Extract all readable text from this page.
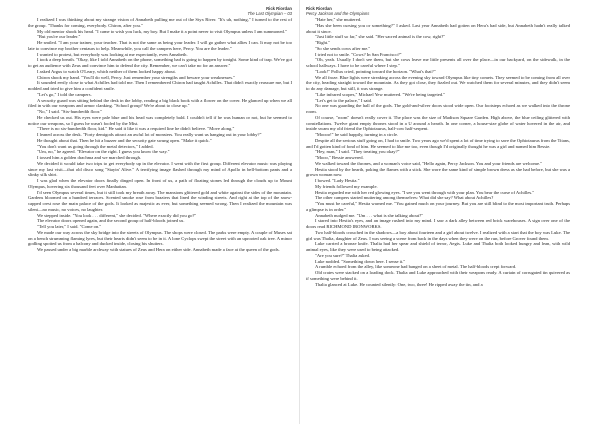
Rick Riordan
The Last Olympian – 03

I realized I was thinking about my strange vision of Annabeth pulling me out of the Styx River. "It's uh, nothing," I turned to the rest of the group. "Thanks for coming, everybody. Chiron, after you."

My old mentor shook his head. "I came to wish you luck, my boy. But I make it a point never to visit Olympus unless I am summoned."

"But you're our leader."

He smiled. "I am your trainer, your teacher. That is not the same as being your leader. I will go gather what allies I can. It may not be too late to convince my brother centaurs to help. Meanwhile, you call the campers here, Percy. You are the leader."

I wanted to protest, but everybody was looking at me expectantly, even Annabeth.

I took a deep breath. "Okay, like I told Annabeth on the phone, something bad is going to happen by tonight. Some kind of trap. We've got to get an audience with Zeus and convince him to defend the city. Remember, we can't take no for an answer."

I asked Argus to watch O'Leary, which neither of them looked happy about.

Chiron shook my hand. "You'll do well, Percy. Just remember your strengths and beware your weaknesses."

It sounded eerily close to what Achilles had told me. Then I remembered Chiron had taught Achilles. That didn't exactly reassure me, but I nodded and tried to give him a confident smile.

"Let's go," I told the campers.

A security guard was sitting behind the desk in the lobby, reading a big black book with a flower on the cover. He glanced up when we all filed in with our weapons and armor clanking. "School group? We're about to close up."

"No," I said. "Six-hundredth floor."

He checked us out. His eyes were pale blue and his head was completely bald. I couldn't tell if he was human or not, but he seemed to notice our weapons, so I guess he wasn't fooled by the Mist.

"There is no six-hundredth floor, kid." He said it like it was a required line he didn't believe. "Move along."

I leaned across the desk. "Forty demigods attract an awful lot of monsters. You really want us hanging out in your lobby?"

He thought about that. Then he hit a buzzer and the security gate swung open. "Make it quick."

"You don't want us going through the metal detectors," I added.

"Um, no," he agreed. "Elevator on the right. I guess you know the way."

I tossed him a golden drachma and we marched through.

We decided it would take two trips to get everybody up in the elevator. I went with the first group. Different elevator music was playing since my last visit—that old disco song "Stayin' Alive." A terrifying image flashed through my mind of Apollo in bell-bottom pants and a slinky silk shirt.

I was glad when the elevator doors finally dinged open. In front of us, a path of floating stones led through the clouds up to Mount Olympus, hovering six thousand feet over Manhattan.

I'd seen Olympus several times, but it still took my breath away. The mansions glittered gold and white against the sides of the mountain. Gardens bloomed on a hundred terraces. Scented smoke rose from braziers that lined the winding streets. And right at the top of the snow-capped crest rose the main palace of the gods. It looked as majestic as ever, but something seemed wrong. Then I realized the mountain was silent—no music, no voices, no laughter.

We stepped inside. "You look . . . different," she decided. "Where exactly did you go?"

The elevator doors opened again, and the second group of half-bloods joined us.

"Tell you later," I said. "Come on."

We made our way across the sky bridge into the streets of Olympus. The shops were closed. The parks were empty. A couple of Muses sat on a bench strumming flaming lyres, but their hearts didn't seem to be in it. A lone Cyclops swept the street with an uprooted oak tree. A minor godling spotted us from a balcony and ducked inside, closing his shutters.

We passed under a big marble archway with statues of Zeus and Hera on either side. Annabeth made a face at the queen of the gods.

Rick Riordan
Percy Jackson and the Olympians

"Hate her," she muttered.

"Has she been cursing you or something?" I asked. Last year Annabeth had gotten on Hera's bad side, but Annabeth hadn't really talked about it since.

"Just little stuff so far," she said. "Her sacred animal is the cow, right?"

"Right."

"So she sends cows after me."

I tried not to smile. "Cows? In San Francisco?"

"Oh, yeah. Usually I don't see them, but she cows leave me little presents all over the place—in our backyard, on the sidewalk, in the school hallways. I have to be careful where I step."

"Look!" Pollux cried, pointing toward the horizon. "What's that?"

We all froze. Blue lights were streaking across the evening sky toward Olympus like tiny comets. They seemed to be coming from all over the city, heading straight toward the mountain. As they got close, they fizzled out. We watched them for several minutes, and they didn't seem to do any damage, but still, it was strange.

"Like infrared scopes," Michael Yew muttered. "We're being targeted."

"Let's get to the palace," I said.

No one was guarding the hall of the gods. The gold-and-silver doors stood wide open. Our footsteps echoed as we walked into the throne room.

Of course, "room" doesn't really cover it. The place was the size of Madison Square Garden. High above, the blue ceiling glittered with constellations. Twelve giant empty thrones stood in a U around a hearth. In one corner, a house-size globe of water hovered in the air, and inside swam my old friend the Ophiotaurus, half-cow half-serpent.

"Moooo!" he said happily, turning in a circle.

Despite all the serious stuff going on, I had to smile. Two years ago we'd spent a lot of time trying to save the Ophiotaurus from the Titans, and I'd gotten kind of fond of him. He seemed to like me too, even though I'd originally thought he was a girl and named him Bessie.

"Hey, man," I said. "They treating you okay?"

"Mooo," Bessie answered.

We walked toward the thrones, and a woman's voice said, "Hello again, Percy Jackson. You and your friends are welcome."

Hestia stood by the hearth, poking the flames with a stick. She wore the same kind of simple brown dress as she had before, but she was a grown woman now.

I bowed. "Lady Hestia."

My friends followed my example.

Hestia regarded me with her red glowing eyes. "I see you went through with your plan. You bear the curse of Achilles."

The other campers started muttering among themselves: What did she say? What about Achilles?

"You must be careful," Hestia warned me. "You gained much on your journey. But you are still blind to the most important truth. Perhaps a glimpse is in order."

Annabeth nudged me. "Um . . . what is she talking about?"

I stared into Hestia's eyes, and an image rushed into my mind. I saw a dark alley between red brick warehouses. A sign over one of the doors read RICHMOND IRONWORKS.

Two half-bloods crouched in the shadows—a boy about fourteen and a girl about twelve. I realized with a start that the boy was Luke. The girl was Thalia, daughter of Zeus. I was seeing a scene from back in the days when they were on the run, before Grover found them.

Luke carried a bronze knife. Thalia had her spear and shield of terror, Aegis. Luke and Thalia both looked hungry and lean, with wild animal eyes, like they were used to being attacked.

"Are you sure?" Thalia asked.

Luke nodded. "Something down here. I sense it."

A rumble echoed from the alley, like someone had banged on a sheet of metal. The half-bloods crept forward.

Old crates were stacked on a loading dock. Thalia and Luke approached with their weapons ready. A curtain of corrugated tin quivered as if something were behind it.

Thalia glanced at Luke. He counted silently: One, two, three! He ripped away the tin, and a
